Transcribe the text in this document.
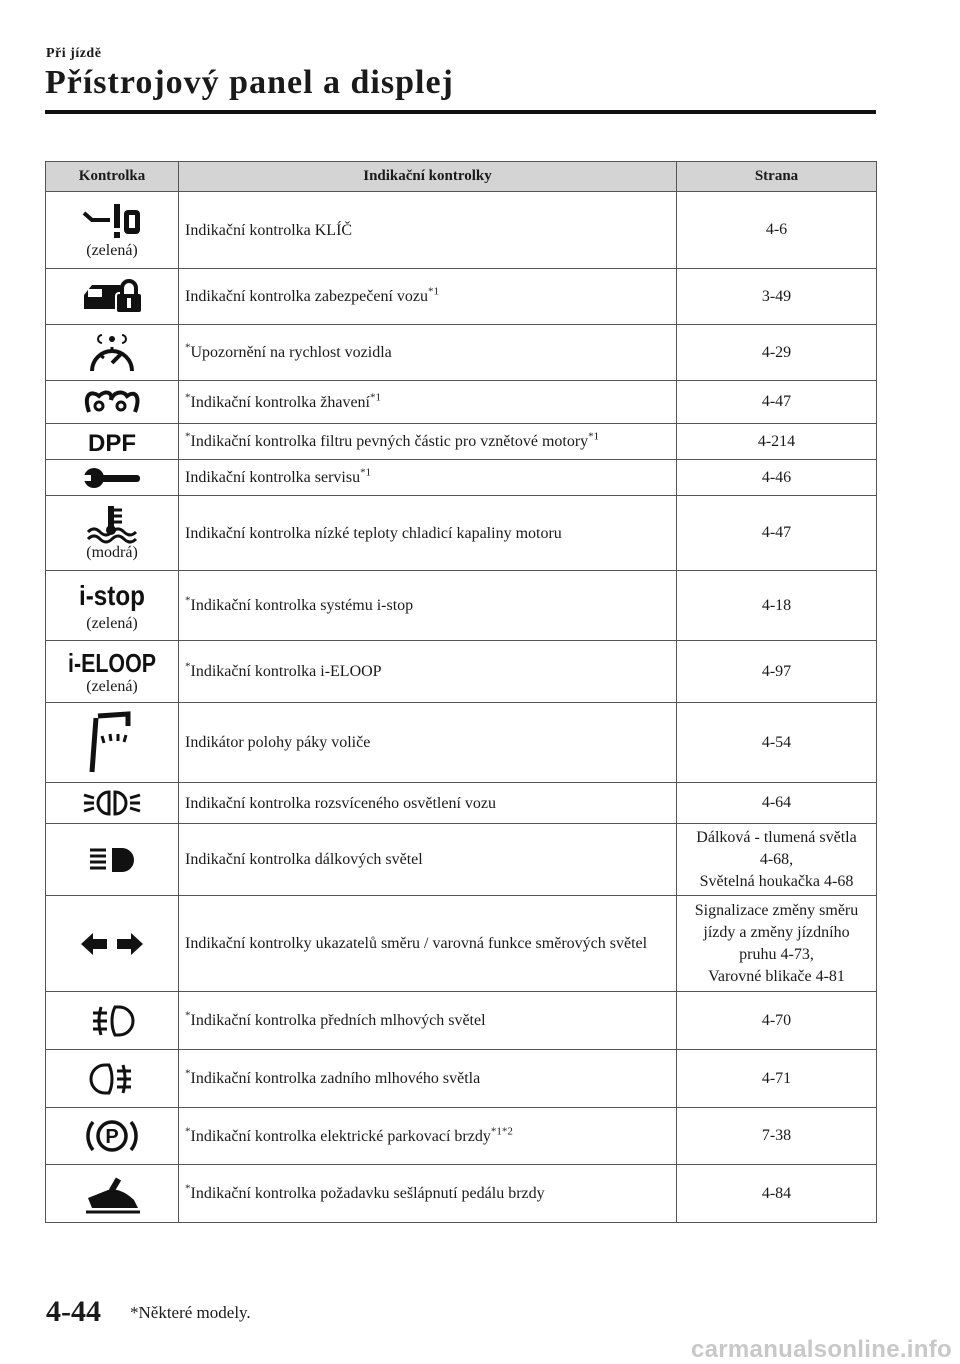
Při jízdě
Přístrojový panel a displej
Kontrolka	Indikační kontrolky	Strana

(zelená)	Indikační kontrolka KLÍČ	4-6

	Indikační kontrolka zabezpečení vozu$^{*1}$	3-49

	*Upozornění na rychlost vozidla	4-29

	*Indikační kontrolka žhavení$^{*1}$	4-47

DPF	*Indikační kontrolka filtru pevných částic pro vznětové motory$^{*1}$	4-214

	Indikační kontrolka servisu$^{*1}$	4-46

(modrá)	Indikační kontrolka nízké teploty chladicí kapaliny motoru	4-47

i-stop
(zelená)	*Indikační kontrolka systému i-stop	4-18

i-ELOOP
(zelená)	*Indikační kontrolka i-ELOOP	4-97

	Indikátor polohy páky voliče	4-54

	Indikační kontrolka rozsvíceného osvětlení vozu	4-64

	Indikační kontrolka dálkových světel	Dálková - tlumená světla
4-68,
Světelná houkačka 4-68

	Indikační kontrolky ukazatelů směru / varovná funkce směrových světel	Signalizace změny směru
jízdy a změny jízdního
pruhu 4-73,
Varovné blikače 4-81

	*Indikační kontrolka předních mlhových světel	4-70

	*Indikační kontrolka zadního mlhového světla	4-71

P	*Indikační kontrolka elektrické parkovací brzdy$^{*1*2}$	7-38

	*Indikační kontrolka požadavku sešlápnutí pedálu brzdy	4-84
4-44 *Některé modely.
carmanualsonline.info
